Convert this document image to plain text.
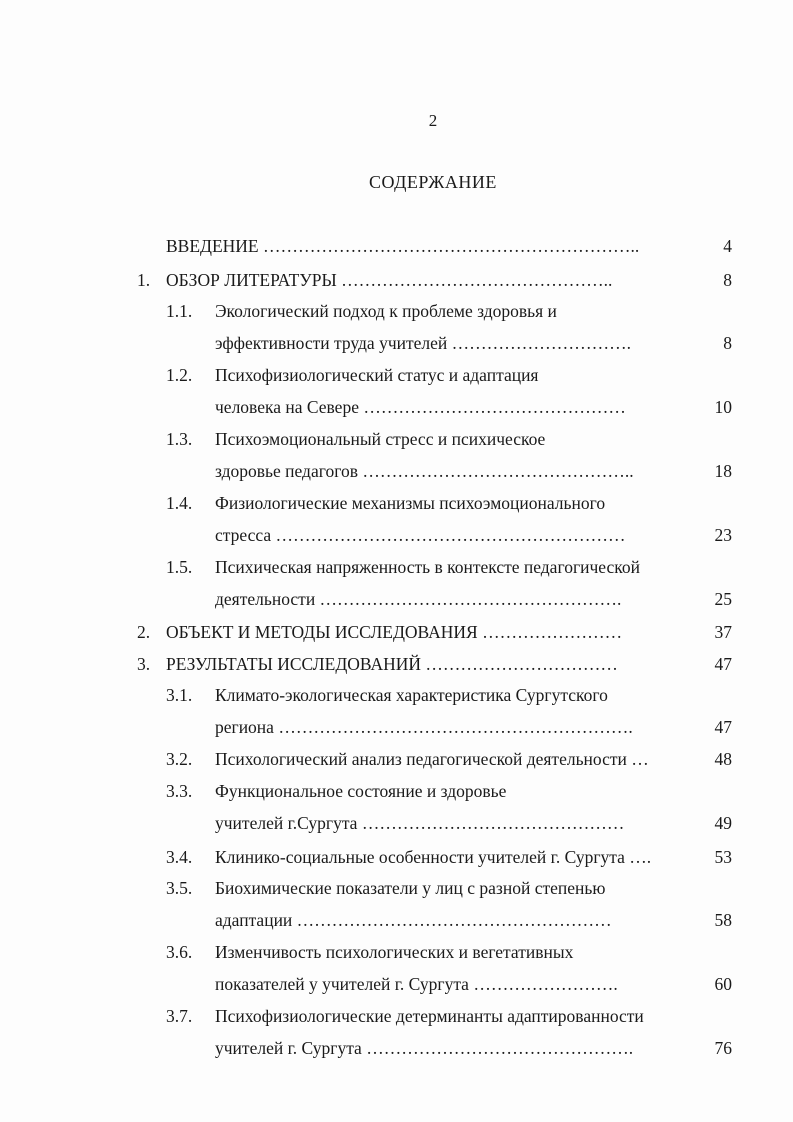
2
СОДЕРЖАНИЕ
ВВЕДЕНИЕ ………………………………………………………..	4
1. ОБЗОР ЛИТЕРАТУРЫ ………………………………………..	8
1.1. Экологический подход к проблеме здоровья и
эффективности труда учителей ………………………….	8
1.2. Психофизиологический статус и адаптация
человека на Севере ………………………………………	10
1.3. Психоэмоциональный стресс и психическое
здоровье педагогов ………………………………………..	18
1.4. Физиологические механизмы психоэмоционального
стресса ……………………………………………………	23
1.5. Психическая напряженность в контексте педагогической
деятельности …………………………………………….	25
2. ОБЪЕКТ И МЕТОДЫ ИССЛЕДОВАНИЯ ……………………	37
3. РЕЗУЛЬТАТЫ ИССЛЕДОВАНИЙ ……………………………	47
3.1. Климато-экологическая характеристика Сургутского
региона …………………………………………………….	47
3.2. Психологический анализ педагогической деятельности …	48
3.3. Функциональное состояние и здоровье
учителей г.Сургута ………………………………………	49
3.4. Клинико-социальные особенности учителей г. Сургута ….	53
3.5. Биохимические показатели у лиц с разной степенью
адаптации ………………………………………………	58
3.6. Изменчивость психологических и вегетативных
показателей у учителей г. Сургута …………………….	60
3.7. Психофизиологические детерминанты адаптированности
учителей г. Сургута ……………………………………….	76
